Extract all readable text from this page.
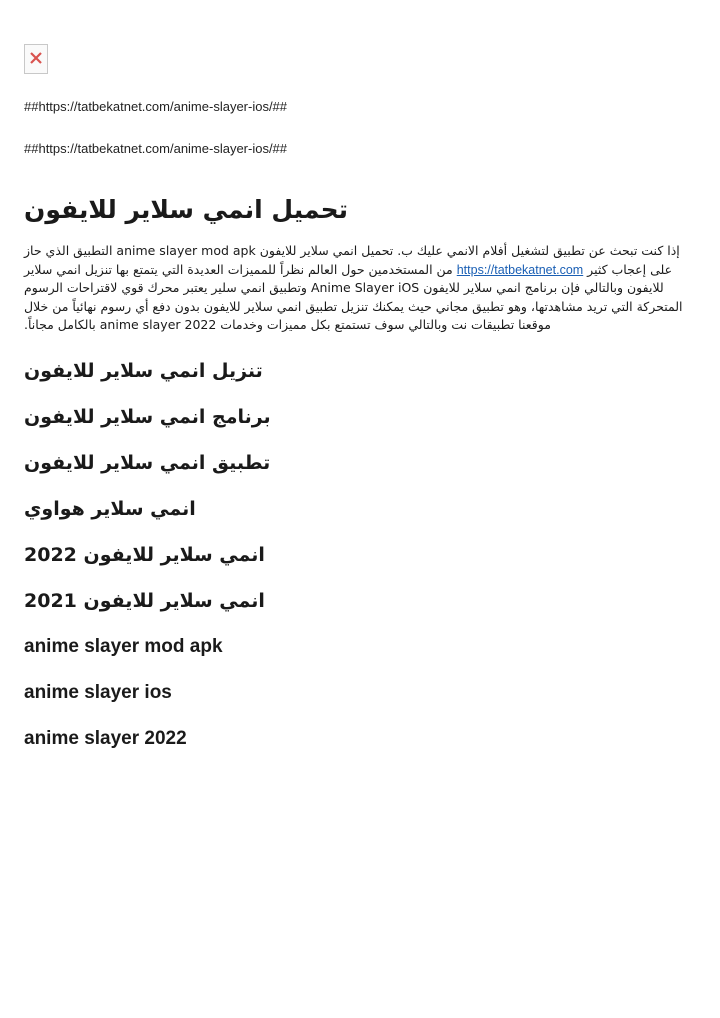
##https://tatbekatnet.com/anime-slayer-ios/##

##https://tatbekatnet.com/anime-slayer-ios/##

تحميل انمي سلاير للايفون

إذا كنت تبحث عن تطبيق لتشغيل أفلام الانمي عليك ب. تحميل انمي سلاير للايفون anime slayer mod apk التطبيق الذي حاز على إعجاب كثير https://tatbekatnet.com من المستخدمين حول العالم نظراً للمميزات العديدة التي يتمتع بها تنزيل انمي سلاير للايفون وبالتالي فإن برنامج انمي سلاير للايفون Anime Slayer iOS وتطبيق انمي سلير يعتبر محرك قوي لاقتراحات الرسوم المتحركة التي تريد مشاهدتها، وهو تطبيق مجاني حيث يمكنك تنزيل تطبيق انمي سلاير للايفون بدون دفع أي رسوم نهائياً من خلال موقعنا تطبيقات نت وبالتالي سوف تستمتع بكل مميزات وخدمات anime slayer 2022 بالكامل مجاناً.

تنزيل انمي سلاير للايفون
برنامج انمي سلاير للايفون
تطبيق انمي سلاير للايفون
انمي سلاير هواوي
انمي سلاير للايفون 2022
انمي سلاير للايفون 2021
anime slayer mod apk
anime slayer ios
anime slayer 2022
